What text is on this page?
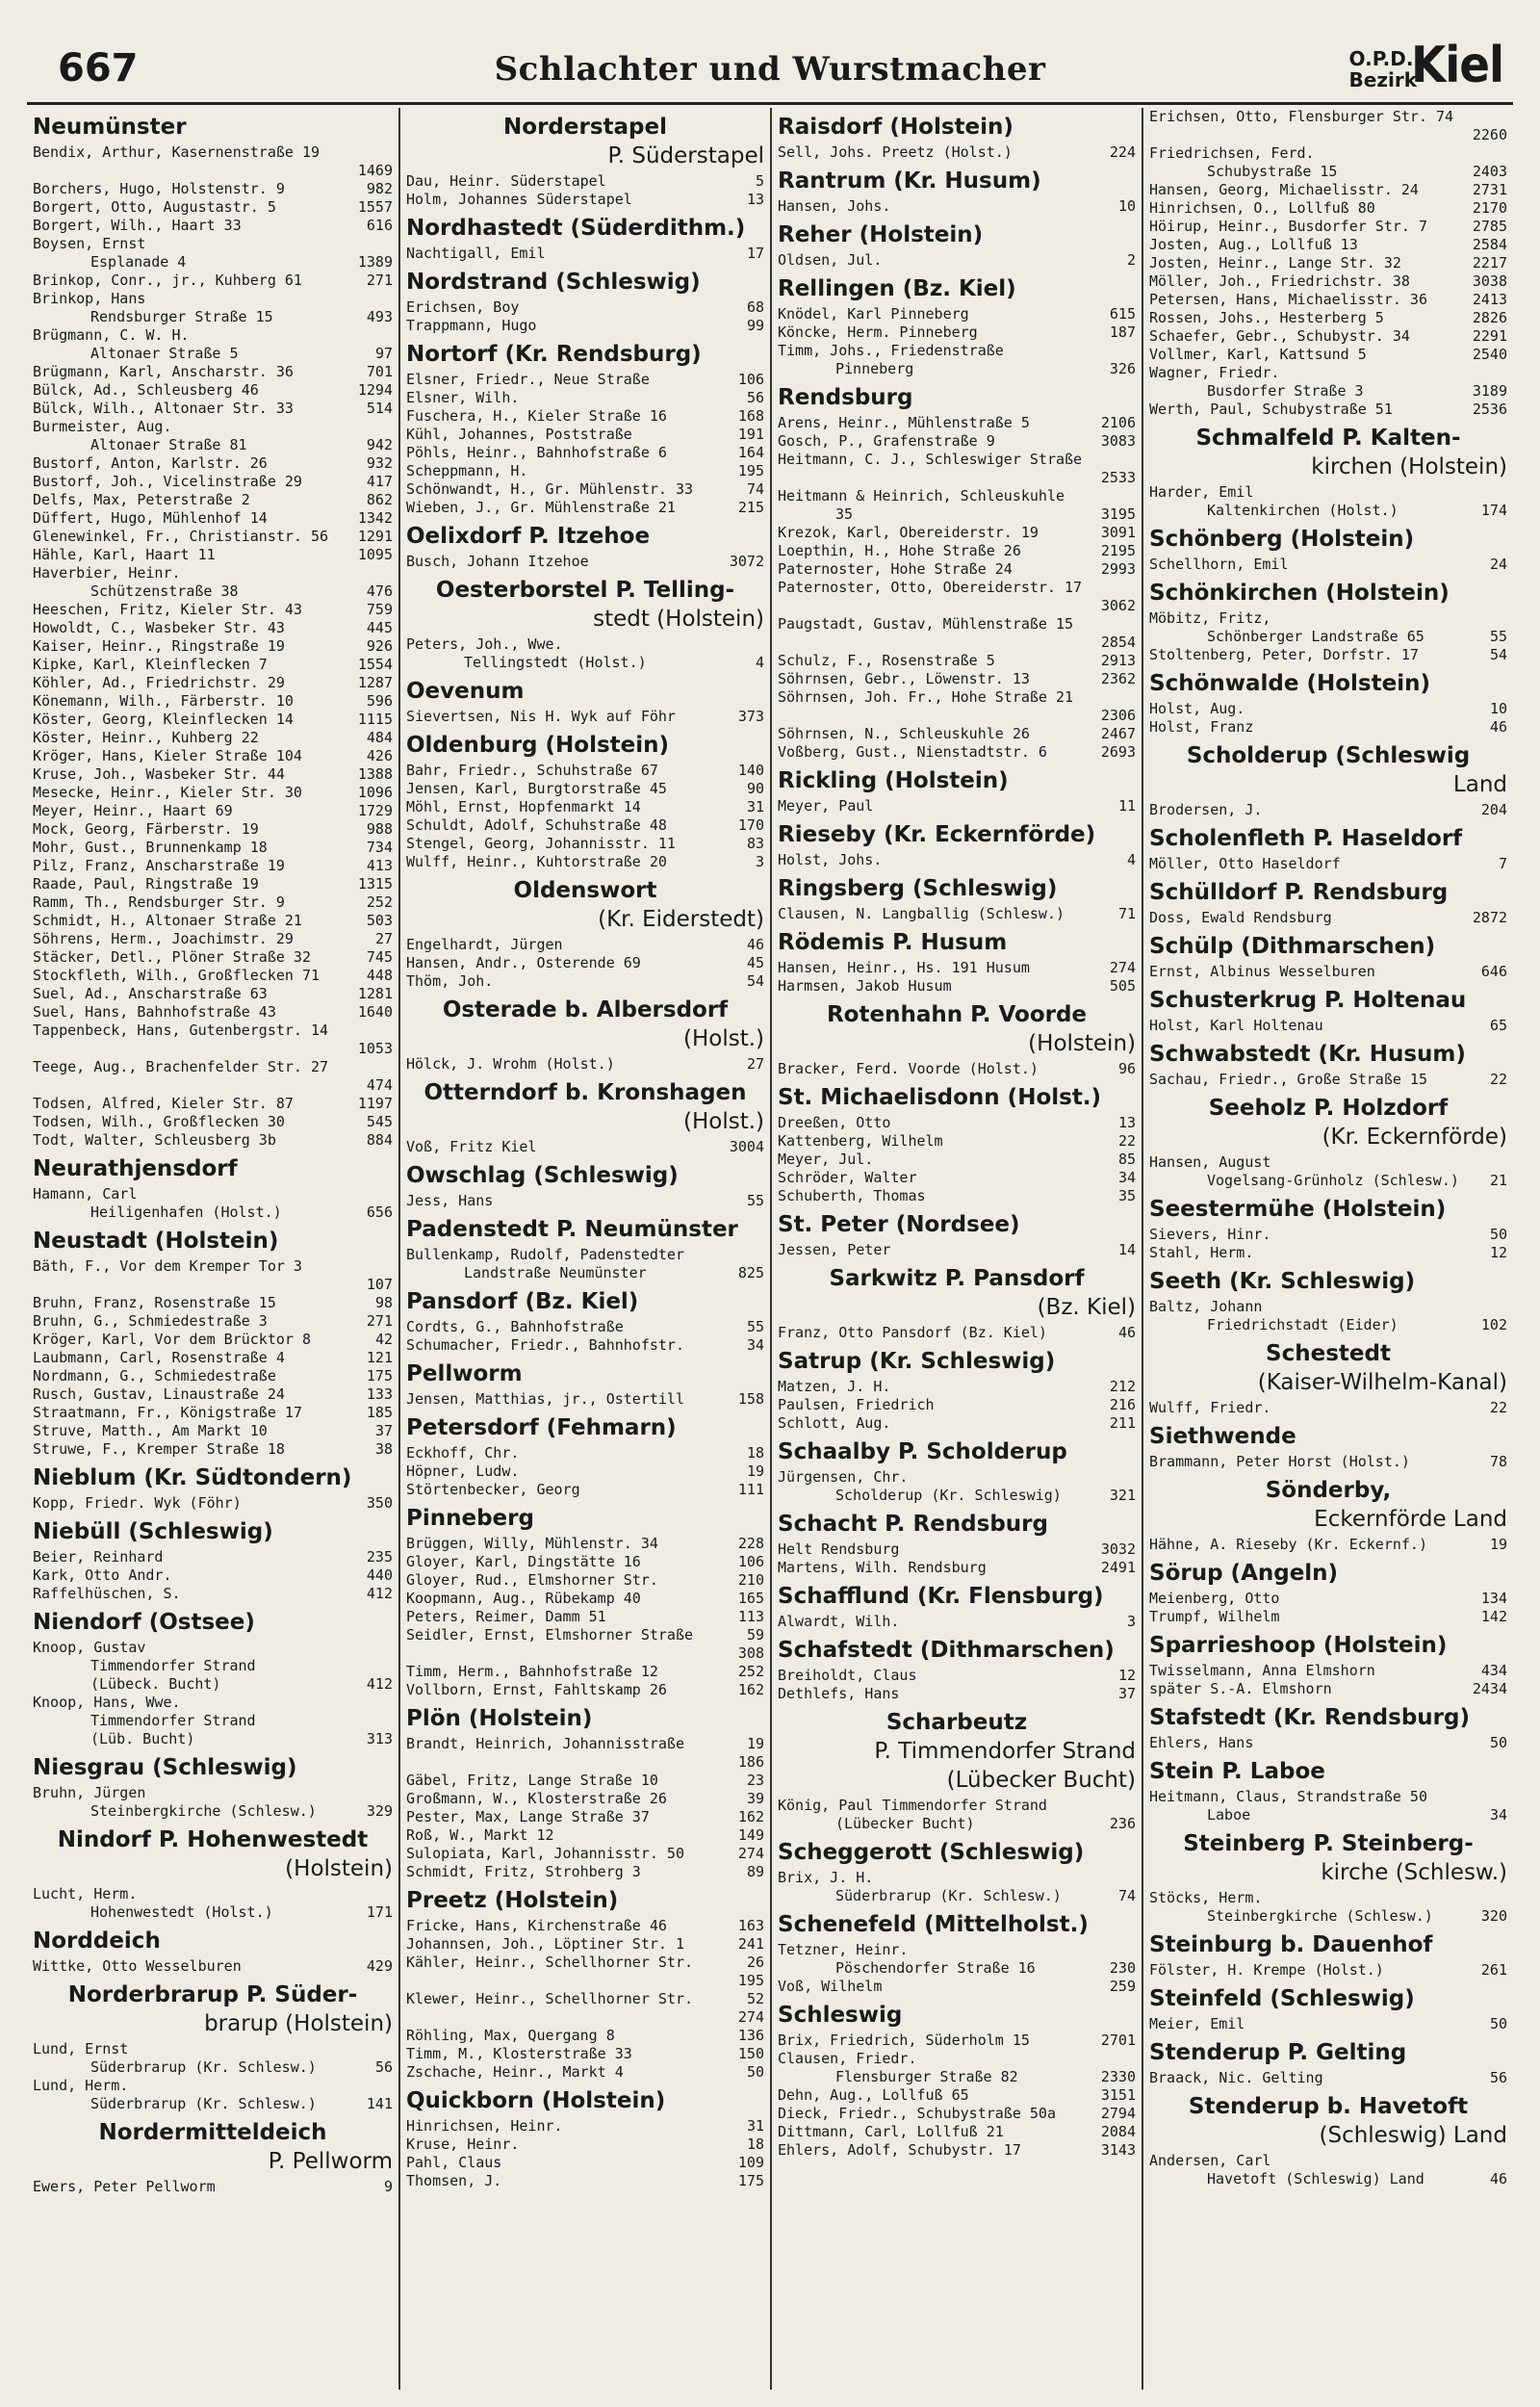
667	Schlachter und Wurstmacher	O.P.D.
Bezirk
Kiel
Neumünster
Bendix, Arthur, Kasernenstraße 19
1469
Borchers, Hugo, Holstenstr. 9	982
Borgert, Otto, Augustastr. 5	1557
Borgert, Wilh., Haart 33	616
Boysen, Ernst
Esplanade 4	1389
Brinkop, Conr., jr., Kuhberg 61	271
Brinkop, Hans
Rendsburger Straße 15	493
Brügmann, C. W. H.
Altonaer Straße 5	97
Brügmann, Karl, Anscharstr. 36	701
Bülck, Ad., Schleusberg 46	1294
Bülck, Wilh., Altonaer Str. 33	514
Burmeister, Aug.
Altonaer Straße 81	942
Bustorf, Anton, Karlstr. 26	932
Bustorf, Joh., Vicelinstraße 29	417
Delfs, Max, Peterstraße 2	862
Düffert, Hugo, Mühlenhof 14	1342
Glenewinkel, Fr., Christianstr. 56 1291
Hähle, Karl, Haart 11	1095
Haverbier, Heinr.
Schützenstraße 38	476
Heeschen, Fritz, Kieler Str. 43	759
Howoldt, C., Wasbeker Str. 43	445
Kaiser, Heinr., Ringstraße 19	926
Kipke, Karl, Kleinflecken 7	1554
Köhler, Ad., Friedrichstr. 29	1287
Könemann, Wilh., Färberstr. 10	596
Köster, Georg, Kleinflecken 14	1115
Köster, Heinr., Kuhberg 22	484
Kröger, Hans, Kieler Straße 104	426
Kruse, Joh., Wasbeker Str. 44	1388
Mesecke, Heinr., Kieler Str. 30	1096
Meyer, Heinr., Haart 69	1729
Mock, Georg, Färberstr. 19	988
Mohr, Gust., Brunnenkamp 18	734
Pilz, Franz, Anscharstraße 19	413
Raade, Paul, Ringstraße 19	1315
Ramm, Th., Rendsburger Str. 9	252
Schmidt, H., Altonaer Straße 21	503
Söhrens, Herm., Joachimstr. 29	27
Stäcker, Detl., Plöner Straße 32	745
Stockfleth, Wilh., Großflecken 71	448
Suel, Ad., Anscharstraße 63	1281
Suel, Hans, Bahnhofstraße 43	1640
Tappenbeck, Hans, Gutenbergstr. 14
1053
Teege, Aug., Brachenfelder Str. 27
474
Todsen, Alfred, Kieler Str. 87	1197
Todsen, Wilh., Großflecken 30	545
Todt, Walter, Schleusberg 3b	884
Neurathjensdorf
Hamann, Carl
Heiligenhafen (Holst.)	656
Neustadt (Holstein)
Bäth, F., Vor dem Kremper Tor 3
107
Bruhn, Franz, Rosenstraße 15	98
Bruhn, G., Schmiedestraße 3	271
Kröger, Karl, Vor dem Brücktor 8	42
Laubmann, Carl, Rosenstraße 4	121
Nordmann, G., Schmiedestraße	175
Rusch, Gustav, Linaustraße 24	133
Straatmann, Fr., Königstraße 17	185
Struve, Matth., Am Markt 10	37
Struwe, F., Kremper Straße 18	38
Nieblum (Kr. Südtondern)
Kopp, Friedr. Wyk (Föhr)	350
Niebüll (Schleswig)
Beier, Reinhard	235
Kark, Otto Andr.	440
Raffelhüschen, S.	412
Niendorf (Ostsee)
Knoop, Gustav
Timmendorfer Strand
(Lübeck. Bucht)	412
Knoop, Hans, Wwe.
Timmendorfer Strand
(Lüb. Bucht)	313
Niesgrau (Schleswig)
Bruhn, Jürgen
Steinbergkirche (Schlesw.)	329
Nindorf P. Hohenwestedt
(Holstein)
Lucht, Herm.
Hohenwestedt (Holst.)	171
Norddeich
Wittke, Otto Wesselburen	429
Norderbrarup P. Süder-
brarup (Holstein)
Lund, Ernst
Süderbrarup (Kr. Schlesw.)	56
Lund, Herm.
Süderbrarup (Kr. Schlesw.)	141
Nordermitteldeich
P. Pellworm
Ewers, Peter Pellworm	9
Norderstapel
P. Süderstapel
Dau, Heinr. Süderstapel	5
Holm, Johannes Süderstapel	13
Nordhastedt (Süderdithm.)
Nachtigall, Emil	17
Nordstrand (Schleswig)
Erichsen, Boy	68
Trappmann, Hugo	99
Nortorf (Kr. Rendsburg)
Elsner, Friedr., Neue Straße	106
Elsner, Wilh.	56
Fuschera, H., Kieler Straße 16	168
Kühl, Johannes, Poststraße	191
Pöhls, Heinr., Bahnhofstraße 6	164
Scheppmann, H.	195
Schönwandt, H., Gr. Mühlenstr. 33	74
Wieben, J., Gr. Mühlenstraße 21	215
Oelixdorf P. Itzehoe
Busch, Johann Itzehoe	3072
Oesterborstel P. Telling-
stedt (Holstein)
Peters, Joh., Wwe.
Tellingstedt (Holst.)	4
Oevenum
Sievertsen, Nis H. Wyk auf Föhr	373
Oldenburg (Holstein)
Bahr, Friedr., Schuhstraße 67	140
Jensen, Karl, Burgtorstraße 45	90
Möhl, Ernst, Hopfenmarkt 14	31
Schuldt, Adolf, Schuhstraße 48	170
Stengel, Georg, Johannisstr. 11	83
Wulff, Heinr., Kuhtorstraße 20	3
Oldenswort
(Kr. Eiderstedt)
Engelhardt, Jürgen	46
Hansen, Andr., Osterende 69	45
Thöm, Joh.	54
Osterade b. Albersdorf
(Holst.)
Hölck, J. Wrohm (Holst.)	27
Otterndorf b. Kronshagen
(Holst.)
Voß, Fritz Kiel	3004
Owschlag (Schleswig)
Jess, Hans	55
Padenstedt P. Neumünster
Bullenkamp, Rudolf, Padenstedter
Landstraße Neumünster	825
Pansdorf (Bz. Kiel)
Cordts, G., Bahnhofstraße	55
Schumacher, Friedr., Bahnhofstr.	34
Pellworm
Jensen, Matthias, jr., Ostertill	158
Petersdorf (Fehmarn)
Eckhoff, Chr.	18
Höpner, Ludw.	19
Störtenbecker, Georg	111
Pinneberg
Brüggen, Willy, Mühlenstr. 34	228
Gloyer, Karl, Dingstätte 16	106
Gloyer, Rud., Elmshorner Str.	210
Koopmann, Aug., Rübekamp 40	165
Peters, Reimer, Damm 51	113
Seidler, Ernst, Elmshorner Straße	59
308
Timm, Herm., Bahnhofstraße 12	252
Vollborn, Ernst, Fahltskamp 26	162
Plön (Holstein)
Brandt, Heinrich, Johannisstraße	19
186
Gäbel, Fritz, Lange Straße 10	23
Großmann, W., Klosterstraße 26	39
Pester, Max, Lange Straße 37	162
Roß, W., Markt 12	149
Sulopiata, Karl, Johannisstr. 50	274
Schmidt, Fritz, Strohberg 3	89
Preetz (Holstein)
Fricke, Hans, Kirchenstraße 46	163
Johannsen, Joh., Löptiner Str. 1	241
Kähler, Heinr., Schellhorner Str.	26
195
Klewer, Heinr., Schellhorner Str.	52
274
Röhling, Max, Quergang 8	136
Timm, M., Klosterstraße 33	150
Zschache, Heinr., Markt 4	50
Quickborn (Holstein)
Hinrichsen, Heinr.	31
Kruse, Heinr.	18
Pahl, Claus	109
Thomsen, J.	175
Raisdorf (Holstein)
Sell, Johs. Preetz (Holst.)	224
Rantrum (Kr. Husum)
Hansen, Johs.	10
Reher (Holstein)
Oldsen, Jul.	2
Rellingen (Bz. Kiel)
Knödel, Karl Pinneberg	615
Köncke, Herm. Pinneberg	187
Timm, Johs., Friedenstraße
Pinneberg	326
Rendsburg
Arens, Heinr., Mühlenstraße 5	2106
Gosch, P., Grafenstraße 9	3083
Heitmann, C. J., Schleswiger Straße
2533
Heitmann & Heinrich, Schleuskuhle
35	3195
Krezok, Karl, Obereiderstr. 19	3091
Loepthin, H., Hohe Straße 26	2195
Paternoster, Hohe Straße 24	2993
Paternoster, Otto, Obereiderstr. 17
3062
Paugstadt, Gustav, Mühlenstraße 15
2854
Schulz, F., Rosenstraße 5	2913
Söhrnsen, Gebr., Löwenstr. 13	2362
Söhrnsen, Joh. Fr., Hohe Straße 21
2306
Söhrnsen, N., Schleuskuhle 26	2467
Voßberg, Gust., Nienstadtstr. 6	2693
Rickling (Holstein)
Meyer, Paul	11
Rieseby (Kr. Eckernförde)
Holst, Johs.	4
Ringsberg (Schleswig)
Clausen, N. Langballig (Schlesw.)	71
Rödemis P. Husum
Hansen, Heinr., Hs. 191 Husum	274
Harmsen, Jakob Husum	505
Rotenhahn P. Voorde
(Holstein)
Bracker, Ferd. Voorde (Holst.)	96
St. Michaelisdonn (Holst.)
Dreeßen, Otto	13
Kattenberg, Wilhelm	22
Meyer, Jul.	85
Schröder, Walter	34
Schuberth, Thomas	35
St. Peter (Nordsee)
Jessen, Peter	14
Sarkwitz P. Pansdorf
(Bz. Kiel)
Franz, Otto Pansdorf (Bz. Kiel)	46
Satrup (Kr. Schleswig)
Matzen, J. H.	212
Paulsen, Friedrich	216
Schlott, Aug.	211
Schaalby P. Scholderup
Jürgensen, Chr.
Scholderup (Kr. Schleswig)	321
Schacht P. Rendsburg
Helt Rendsburg	3032
Martens, Wilh. Rendsburg	2491
Schafflund (Kr. Flensburg)
Alwardt, Wilh.	3
Schafstedt (Dithmarschen)
Breiholdt, Claus	12
Dethlefs, Hans	37
Scharbeutz
P. Timmendorfer Strand
(Lübecker Bucht)
König, Paul Timmendorfer Strand
(Lübecker Bucht)	236
Scheggerott (Schleswig)
Brix, J. H.
Süderbrarup (Kr. Schlesw.)	74
Schenefeld (Mittelholst.)
Tetzner, Heinr.
Pöschendorfer Straße 16	230
Voß, Wilhelm	259
Schleswig
Brix, Friedrich, Süderholm 15	2701
Clausen, Friedr.
Flensburger Straße 82	2330
Dehn, Aug., Lollfuß 65	3151
Dieck, Friedr., Schubystraße 50a	2794
Dittmann, Carl, Lollfuß 21	2084
Ehlers, Adolf, Schubystr. 17	3143
Erichsen, Otto, Flensburger Str. 74
2260
Friedrichsen, Ferd.
Schubystraße 15	2403
Hansen, Georg, Michaelisstr. 24	2731
Hinrichsen, O., Lollfuß 80	2170
Höirup, Heinr., Busdorfer Str. 7	2785
Josten, Aug., Lollfuß 13	2584
Josten, Heinr., Lange Str. 32	2217
Möller, Joh., Friedrichstr. 38	3038
Petersen, Hans, Michaelisstr. 36	2413
Rossen, Johs., Hesterberg 5	2826
Schaefer, Gebr., Schubystr. 34	2291
Vollmer, Karl, Kattsund 5	2540
Wagner, Friedr.
Busdorfer Straße 3	3189
Werth, Paul, Schubystraße 51	2536
Schmalfeld P. Kalten-
kirchen (Holstein)
Harder, Emil
Kaltenkirchen (Holst.)	174
Schönberg (Holstein)
Schellhorn, Emil	24
Schönkirchen (Holstein)
Möbitz, Fritz,
Schönberger Landstraße 65	55
Stoltenberg, Peter, Dorfstr. 17	54
Schönwalde (Holstein)
Holst, Aug.	10
Holst, Franz	46
Scholderup (Schleswig
Land
Brodersen, J.	204
Scholenfleth P. Haseldorf
Möller, Otto Haseldorf	7
Schülldorf P. Rendsburg
Doss, Ewald Rendsburg	2872
Schülp (Dithmarschen)
Ernst, Albinus Wesselburen	646
Schusterkrug P. Holtenau
Holst, Karl Holtenau	65
Schwabstedt (Kr. Husum)
Sachau, Friedr., Große Straße 15	22
Seeholz P. Holzdorf
(Kr. Eckernförde)
Hansen, August
Vogelsang-Grünholz (Schlesw.) 21
Seestermühe (Holstein)
Sievers, Hinr.	50
Stahl, Herm.	12
Seeth (Kr. Schleswig)
Baltz, Johann
Friedrichstadt (Eider)	102
Schestedt
(Kaiser-Wilhelm-Kanal)
Wulff, Friedr.	22
Siethwende
Brammann, Peter Horst (Holst.)	78
Sönderby,
Eckernförde Land
Hähne, A. Rieseby (Kr. Eckernf.)	19
Sörup (Angeln)
Meienberg, Otto	134
Trumpf, Wilhelm	142
Sparrieshoop (Holstein)
Twisselmann, Anna Elmshorn	434
später S.-A. Elmshorn	2434
Stafstedt (Kr. Rendsburg)
Ehlers, Hans	50
Stein P. Laboe
Heitmann, Claus, Strandstraße 50
Laboe	34
Steinberg P. Steinberg-
kirche (Schlesw.)
Stöcks, Herm.
Steinbergkirche (Schlesw.)	320
Steinburg b. Dauenhof
Fölster, H. Krempe (Holst.)	261
Steinfeld (Schleswig)
Meier, Emil	50
Stenderup P. Gelting
Braack, Nic. Gelting	56
Stenderup b. Havetoft
(Schleswig) Land
Andersen, Carl
Havetoft (Schleswig) Land	46
